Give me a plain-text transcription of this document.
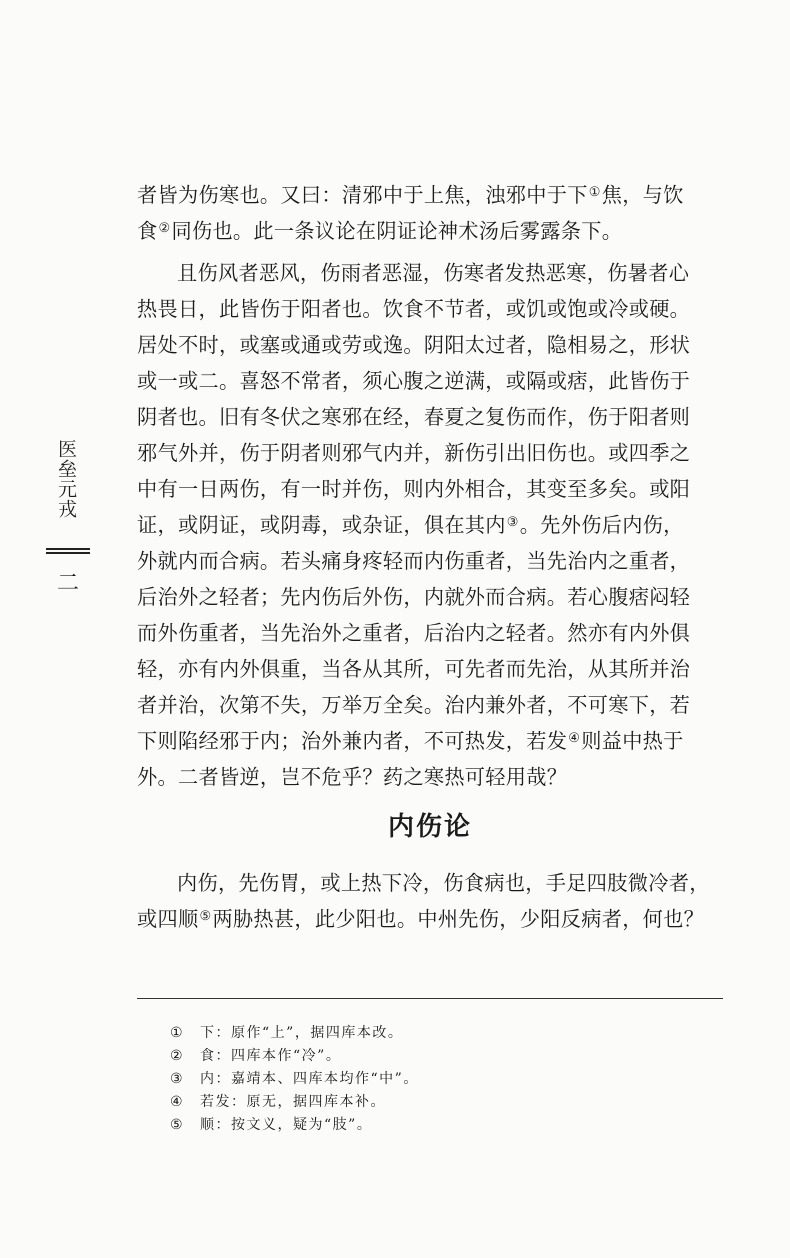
医垒元戎
二

者皆为伤寒也。又曰：清邪中于上焦，浊邪中于下①焦，与饮
食②同伤也。此一条议论在阴证论神术汤后雾露条下。

且伤风者恶风，伤雨者恶湿，伤寒者发热恶寒，伤暑者心
热畏日，此皆伤于阳者也。饮食不节者，或饥或饱或冷或硬。
居处不时，或塞或通或劳或逸。阴阳太过者，隐相易之，形状
或一或二。喜怒不常者，须心腹之逆满，或隔或痞，此皆伤于
阴者也。旧有冬伏之寒邪在经，春夏之复伤而作，伤于阳者则
邪气外并，伤于阴者则邪气内并，新伤引出旧伤也。或四季之
中有一日两伤，有一时并伤，则内外相合，其变至多矣。或阳
证，或阴证，或阴毒，或杂证，俱在其内③。先外伤后内伤，
外就内而合病。若头痛身疼轻而内伤重者，当先治内之重者，
后治外之轻者；先内伤后外伤，内就外而合病。若心腹痞闷轻
而外伤重者，当先治外之重者，后治内之轻者。然亦有内外俱
轻，亦有内外俱重，当各从其所，可先者而先治，从其所并治
者并治，次第不失，万举万全矣。治内兼外者，不可寒下，若
下则陷经邪于内；治外兼内者，不可热发，若发④则益中热于
外。二者皆逆，岂不危乎？药之寒热可轻用哉？

内伤论

内伤，先伤胃，或上热下冷，伤食病也，手足四肢微冷者，
或四顺⑤两胁热甚，此少阳也。中州先伤，少阳反病者，何也？

①	下：原作“上”，据四库本改。
②	食：四库本作“冷”。
③	内：嘉靖本、四库本均作“中”。
④	若发：原无，据四库本补。
⑤	顺：按文义，疑为“肢”。
